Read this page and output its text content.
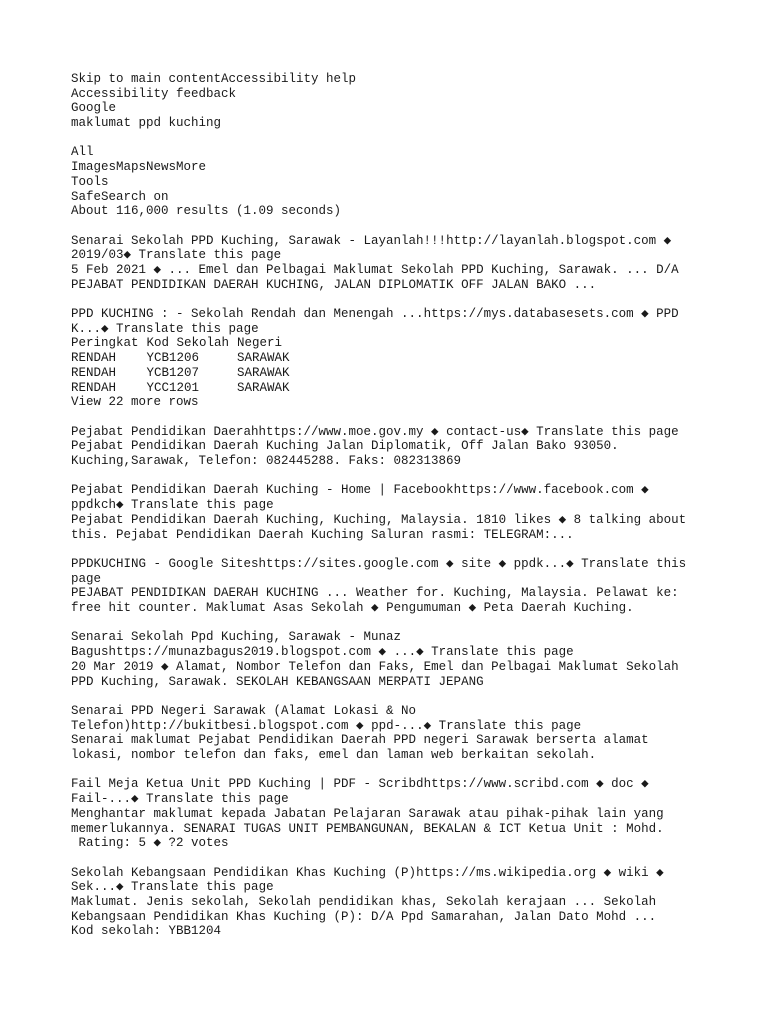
Skip to main contentAccessibility help
Accessibility feedback
Google
maklumat ppd kuching
All
ImagesMapsNewsMore
Tools
SafeSearch on
About 116,000 results (1.09 seconds)
Senarai Sekolah PPD Kuching, Sarawak - Layanlah!!!http://layanlah.blogspot.com ◆ 2019/03◆ Translate this page
5 Feb 2021 ◆ ... Emel dan Pelbagai Maklumat Sekolah PPD Kuching, Sarawak. ... D/A PEJABAT PENDIDIKAN DAERAH KUCHING, JALAN DIPLOMATIK OFF JALAN BAKO ...
PPD KUCHING : - Sekolah Rendah dan Menengah ...https://mys.databasesets.com ◆ PPD K...◆ Translate this page
Peringkat	Kod Sekolah	Negeri
RENDAH	YCB1206	SARAWAK
RENDAH	YCB1207	SARAWAK
RENDAH	YCC1201	SARAWAK
View 22 more rows
Pejabat Pendidikan Daerahhttps://www.moe.gov.my ◆ contact-us◆ Translate this page
Pejabat Pendidikan Daerah Kuching Jalan Diplomatik, Off Jalan Bako 93050. Kuching,Sarawak, Telefon: 082445288. Faks: 082313869
Pejabat Pendidikan Daerah Kuching - Home | Facebookhttps://www.facebook.com ◆ ppdkch◆ Translate this page
Pejabat Pendidikan Daerah Kuching, Kuching, Malaysia. 1810 likes ◆ 8 talking about this. Pejabat Pendidikan Daerah Kuching Saluran rasmi: TELEGRAM:...
PPDKUCHING - Google Siteshttps://sites.google.com ◆ site ◆ ppdk...◆ Translate this page
PEJABAT PENDIDIKAN DAERAH KUCHING ... Weather for. Kuching, Malaysia. Pelawat ke: free hit counter. Maklumat Asas Sekolah ◆ Pengumuman ◆ Peta Daerah Kuching.
Senarai Sekolah Ppd Kuching, Sarawak - Munaz Bagushttps://munazbagus2019.blogspot.com ◆ ...◆ Translate this page
20 Mar 2019 ◆ Alamat, Nombor Telefon dan Faks, Emel dan Pelbagai Maklumat Sekolah PPD Kuching, Sarawak. SEKOLAH KEBANGSAAN MERPATI JEPANG
Senarai PPD Negeri Sarawak (Alamat Lokasi & No Telefon)http://bukitbesi.blogspot.com ◆ ppd-...◆ Translate this page
Senarai maklumat Pejabat Pendidikan Daerah PPD negeri Sarawak berserta alamat lokasi, nombor telefon dan faks, emel dan laman web berkaitan sekolah.
Fail Meja Ketua Unit PPD Kuching | PDF - Scribdhttps://www.scribd.com ◆ doc ◆ Fail-...◆ Translate this page
Menghantar maklumat kepada Jabatan Pelajaran Sarawak atau pihak-pihak lain yang memerlukannya. SENARAI TUGAS UNIT PEMBANGUNAN, BEKALAN & ICT Ketua Unit : Mohd.
Rating: 5 ◆ ?2 votes
Sekolah Kebangsaan Pendidikan Khas Kuching (P)https://ms.wikipedia.org ◆ wiki ◆ Sek...◆ Translate this page
Maklumat. Jenis sekolah, Sekolah pendidikan khas, Sekolah kerajaan ... Sekolah Kebangsaan Pendidikan Khas Kuching (P): D/A Ppd Samarahan, Jalan Dato Mohd ...
Kod sekolah: YBB1204
